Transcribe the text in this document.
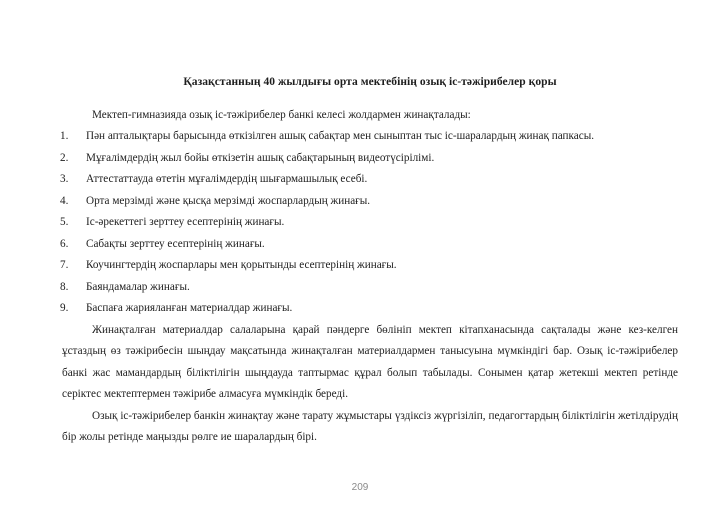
Қазақстанның 40 жылдығы орта мектебінің озық іс-тәжірибелер қоры

Мектеп-гимназияда озық іс-тәжірибелер банкі келесі жолдармен жинақталады:

1. Пән апталықтары барысында өткізілген ашық сабақтар мен сыныптан тыс іс-шаралардың жинақ папкасы.
2. Мұғалімдердің жыл бойы өткізетін ашық сабақтарының видеотүсірілімі.
3. Аттестаттауда өтетін мұғалімдердің шығармашылық есебі.
4. Орта мерзімді және қысқа мерзімді жоспарлардың жинағы.
5. Іс-әрекеттегі зерттеу есептерінің жинағы.
6. Сабақты зерттеу есептерінің жинағы.
7. Коучингтердің жоспарлары мен қорытынды есептерінің жинағы.
8. Баяндамалар жинағы.
9. Баспаға жарияланған материалдар жинағы.

Жинақталған материалдар салаларына қарай пәндерге бөлініп мектеп кітапханасында сақталады және кез-келген ұстаздың өз тәжірибесін шыңдау мақсатында жинақталған материалдармен танысуына мүмкіндігі бар. Озық іс-тәжірибелер банкі жас мамандардың біліктілігін шыңдауда таптырмас құрал болып табылады. Сонымен қатар жетекші мектеп ретінде серіктес мектептермен тәжірибе алмасуға мүмкіндік береді.

Озық іс-тәжірибелер банкін жинақтау және тарату жұмыстары үздіксіз жүргізіліп, педагогтардың біліктілігін жетілдірудің бір жолы ретінде маңызды рөлге ие шаралардың бірі.

209
